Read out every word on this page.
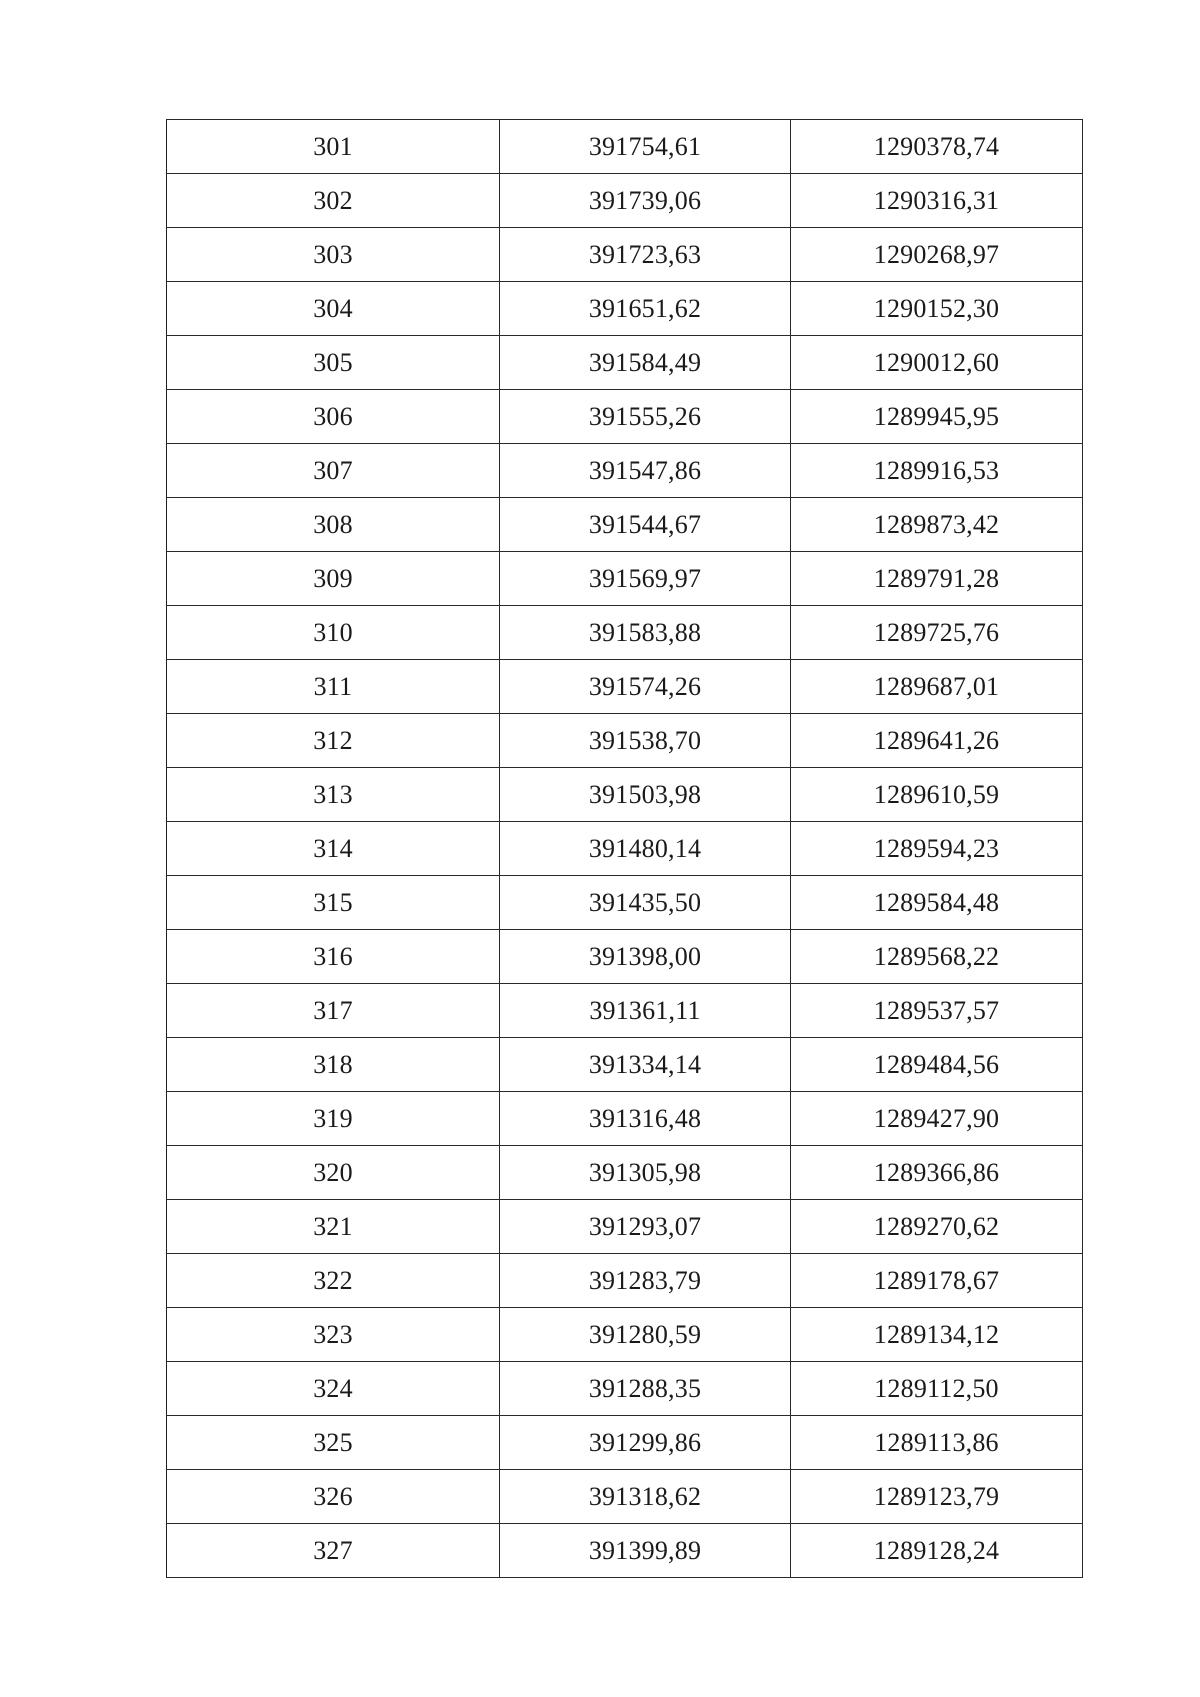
301	391754,61	1290378,74
302	391739,06	1290316,31
303	391723,63	1290268,97
304	391651,62	1290152,30
305	391584,49	1290012,60
306	391555,26	1289945,95
307	391547,86	1289916,53
308	391544,67	1289873,42
309	391569,97	1289791,28
310	391583,88	1289725,76
311	391574,26	1289687,01
312	391538,70	1289641,26
313	391503,98	1289610,59
314	391480,14	1289594,23
315	391435,50	1289584,48
316	391398,00	1289568,22
317	391361,11	1289537,57
318	391334,14	1289484,56
319	391316,48	1289427,90
320	391305,98	1289366,86
321	391293,07	1289270,62
322	391283,79	1289178,67
323	391280,59	1289134,12
324	391288,35	1289112,50
325	391299,86	1289113,86
326	391318,62	1289123,79
327	391399,89	1289128,24
